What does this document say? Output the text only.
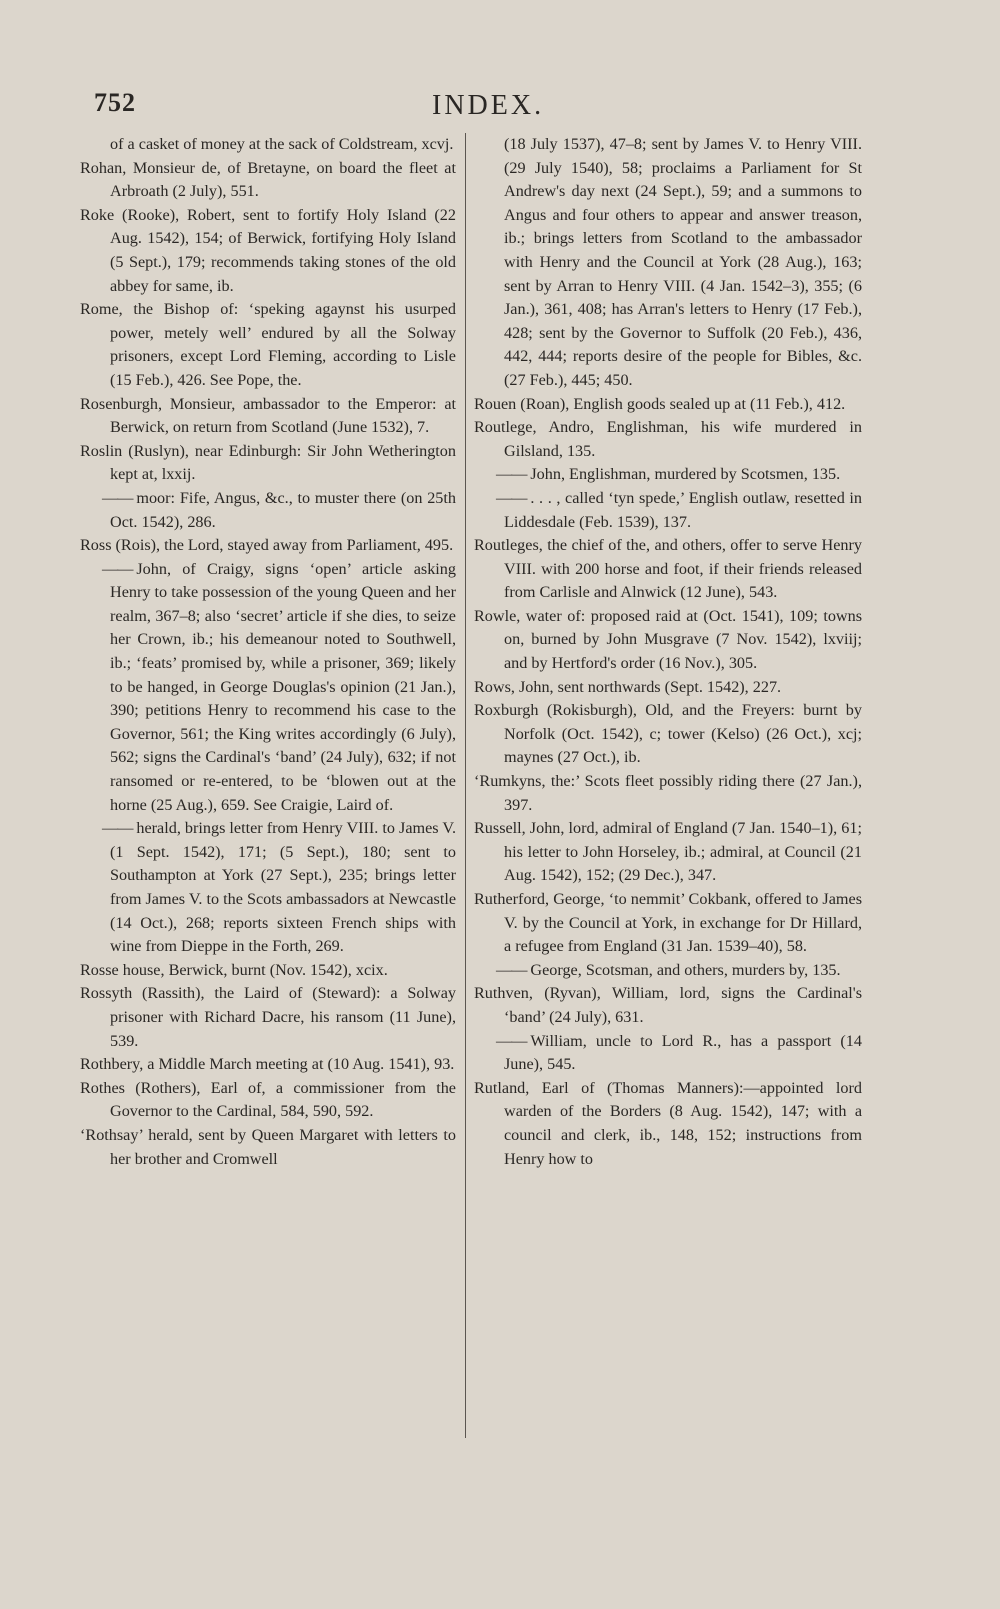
752	INDEX.

of a casket of money at the sack of Coldstream, xcvj.

Rohan, Monsieur de, of Bretayne, on board the fleet at Arbroath (2 July), 551.

Roke (Rooke), Robert, sent to fortify Holy Island (22 Aug. 1542), 154; of Berwick, fortifying Holy Island (5 Sept.), 179; recommends taking stones of the old abbey for same, ib.

Rome, the Bishop of: ‘speking agaynst his usurped power, metely well’ endured by all the Solway prisoners, except Lord Fleming, according to Lisle (15 Feb.), 426. See Pope, the.

Rosenburgh, Monsieur, ambassador to the Emperor: at Berwick, on return from Scotland (June 1532), 7.

Roslin (Ruslyn), near Edinburgh: Sir John Wetherington kept at, lxxij.

—— moor: Fife, Angus, &c., to muster there (on 25th Oct. 1542), 286.

Ross (Rois), the Lord, stayed away from Parliament, 495.

—— John, of Craigy, signs ‘open’ article asking Henry to take possession of the young Queen and her realm, 367–8; also ‘secret’ article if she dies, to seize her Crown, ib.; his demeanour noted to Southwell, ib.; ‘feats’ promised by, while a prisoner, 369; likely to be hanged, in George Douglas's opinion (21 Jan.), 390; petitions Henry to recommend his case to the Governor, 561; the King writes accordingly (6 July), 562; signs the Cardinal's ‘band’ (24 July), 632; if not ransomed or re-entered, to be ‘blowen out at the horne (25 Aug.), 659. See Craigie, Laird of.

—— herald, brings letter from Henry VIII. to James V. (1 Sept. 1542), 171; (5 Sept.), 180; sent to Southampton at York (27 Sept.), 235; brings letter from James V. to the Scots ambassadors at Newcastle (14 Oct.), 268; reports sixteen French ships with wine from Dieppe in the Forth, 269.

Rosse house, Berwick, burnt (Nov. 1542), xcix.

Rossyth (Rassith), the Laird of (Steward): a Solway prisoner with Richard Dacre, his ransom (11 June), 539.

Rothbery, a Middle March meeting at (10 Aug. 1541), 93.

Rothes (Rothers), Earl of, a commissioner from the Governor to the Cardinal, 584, 590, 592.

‘Rothsay’ herald, sent by Queen Margaret with letters to her brother and Cromwell

(18 July 1537), 47–8; sent by James V. to Henry VIII. (29 July 1540), 58; proclaims a Parliament for St Andrew's day next (24 Sept.), 59; and a summons to Angus and four others to appear and answer treason, ib.; brings letters from Scotland to the ambassador with Henry and the Council at York (28 Aug.), 163; sent by Arran to Henry VIII. (4 Jan. 1542–3), 355; (6 Jan.), 361, 408; has Arran's letters to Henry (17 Feb.), 428; sent by the Governor to Suffolk (20 Feb.), 436, 442, 444; reports desire of the people for Bibles, &c. (27 Feb.), 445; 450.

Rouen (Roan), English goods sealed up at (11 Feb.), 412.

Routlege, Andro, Englishman, his wife murdered in Gilsland, 135.

—— John, Englishman, murdered by Scotsmen, 135.

—— . . . , called ‘tyn spede,’ English outlaw, resetted in Liddesdale (Feb. 1539), 137.

Routleges, the chief of the, and others, offer to serve Henry VIII. with 200 horse and foot, if their friends released from Carlisle and Alnwick (12 June), 543.

Rowle, water of: proposed raid at (Oct. 1541), 109; towns on, burned by John Musgrave (7 Nov. 1542), lxviij; and by Hertford's order (16 Nov.), 305.

Rows, John, sent northwards (Sept. 1542), 227.

Roxburgh (Rokisburgh), Old, and the Freyers: burnt by Norfolk (Oct. 1542), c; tower (Kelso) (26 Oct.), xcj; maynes (27 Oct.), ib.

‘Rumkyns, the:’ Scots fleet possibly riding there (27 Jan.), 397.

Russell, John, lord, admiral of England (7 Jan. 1540–1), 61; his letter to John Horseley, ib.; admiral, at Council (21 Aug. 1542), 152; (29 Dec.), 347.

Rutherford, George, ‘to nemmit’ Cokbank, offered to James V. by the Council at York, in exchange for Dr Hillard, a refugee from England (31 Jan. 1539–40), 58.

—— George, Scotsman, and others, murders by, 135.

Ruthven, (Ryvan), William, lord, signs the Cardinal's ‘band’ (24 July), 631.

—— William, uncle to Lord R., has a passport (14 June), 545.

Rutland, Earl of (Thomas Manners):—appointed lord warden of the Borders (8 Aug. 1542), 147; with a council and clerk, ib., 148, 152; instructions from Henry how to
